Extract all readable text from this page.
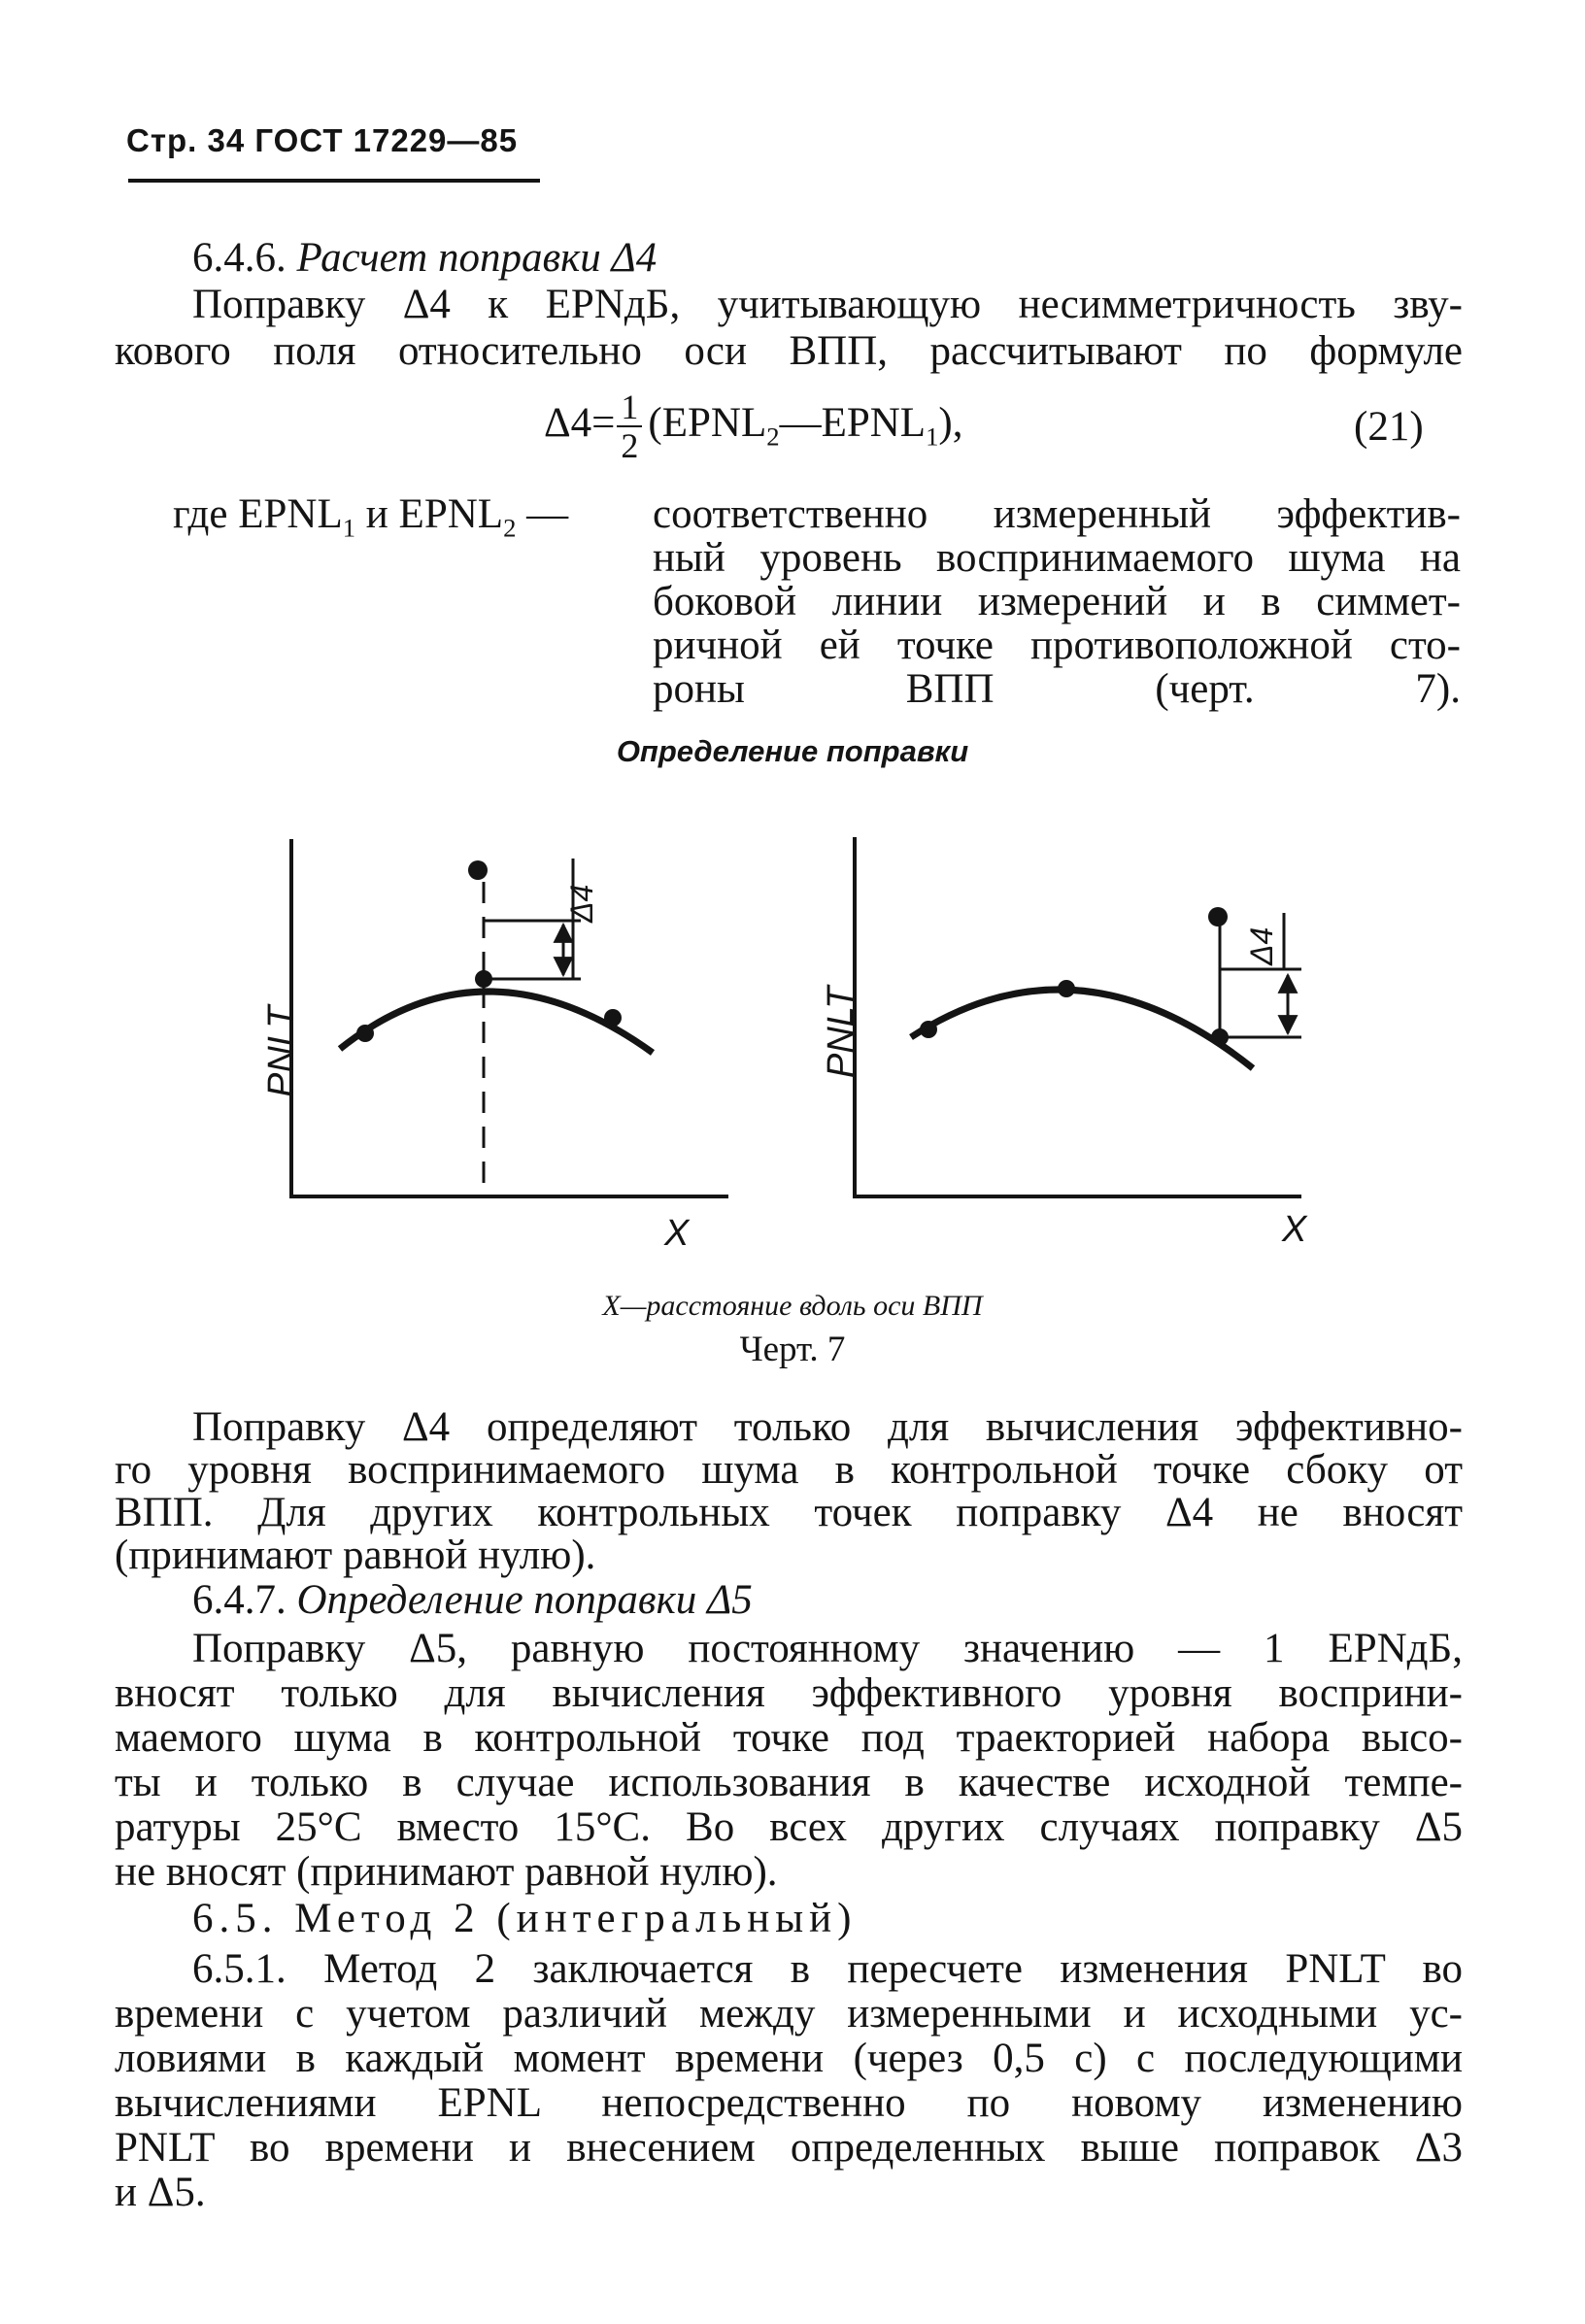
Стр. 34 ГОСТ 17229—85
6.4.6. Расчет поправки Δ4
Поправку Δ4 к EPNдБ, учитывающую несимметричность зву-
кового поля относительно оси ВПП, рассчитывают по формуле
$\Delta 4= \frac{1}{2}$ $(EPNL_2—EPNL_1)$,	(21)
где $EPNL_1$ и $EPNL_2$ — соответственно измеренный эффектив-
ный уровень воспринимаемого шума на
боковой линии измерений и в симмет-
ричной ей точке противоположной сто-
роны ВПП (черт. 7).
Определение поправки
PNLT	PNLT
Δ4
Δ4
X	X
X—расстояние вдоль оси ВПП
Черт. 7
Поправку Δ4 определяют только для вычисления эффективно-
го уровня воспринимаемого шума в контрольной точке сбоку от
ВПП. Для других контрольных точек поправку Δ4 не вносят
(принимают равной нулю).
6.4.7. Определение поправки Δ5
Поправку Δ5, равную постоянному значению — 1 EPNдБ,
вносят только для вычисления эффективного уровня восприни-
маемого шума в контрольной точке под траекторией набора высо-
ты и только в случае использования в качестве исходной темпе-
ратуры 25°С вместо 15°С. Во всех других случаях поправку Δ5
не вносят (принимают равной нулю).
6.5. Метод 2 (интегральный)
6.5.1. Метод 2 заключается в пересчете изменения PNLT во
времени с учетом различий между измеренными и исходными ус-
ловиями в каждый момент времени (через 0,5 с) с последующими
вычислениями EPNL непосредственно по новому изменению
PNLT во времени и внесением определенных выше поправок Δ3
и Δ5.
